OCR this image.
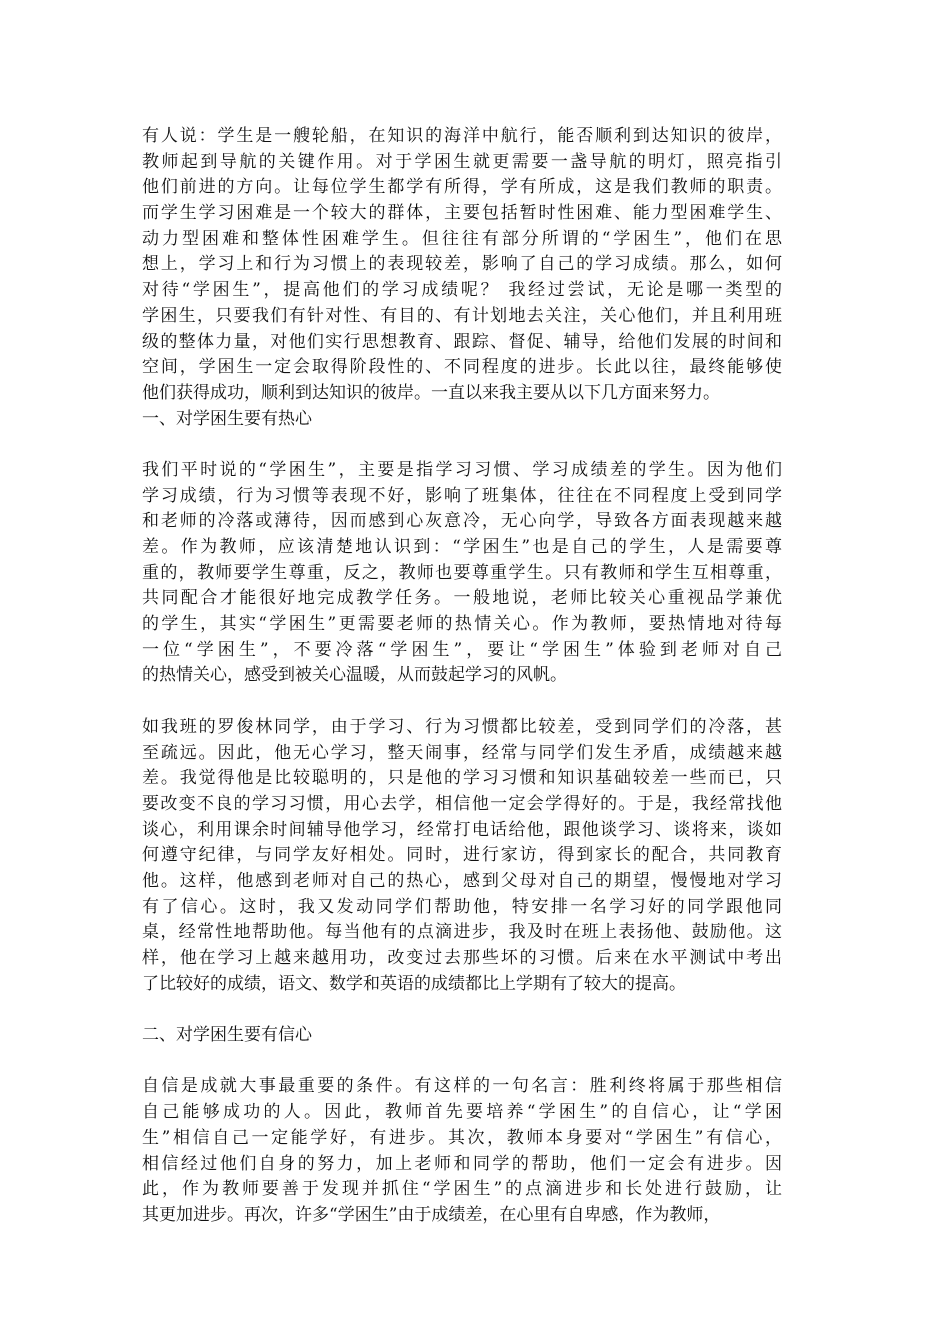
有人说：学生是一艘轮船，在知识的海洋中航行，能否顺利到达知识的彼岸，
教师起到导航的关键作用。对于学困生就更需要一盏导航的明灯，照亮指引
他们前进的方向。让每位学生都学有所得，学有所成，这是我们教师的职责。
而学生学习困难是一个较大的群体，主要包括暂时性困难、能力型困难学生、
动力型困难和整体性困难学生。但往往有部分所谓的“学困生”，他们在思
想上，学习上和行为习惯上的表现较差，影响了自己的学习成绩。那么，如何
对待“学困生”，提高他们的学习成绩呢？ 我经过尝试，无论是哪一类型的
学困生，只要我们有针对性、有目的、有计划地去关注，关心他们，并且利用班
级的整体力量，对他们实行思想教育、跟踪、督促、辅导，给他们发展的时间和
空间，学困生一定会取得阶段性的、不同程度的进步。长此以往，最终能够使
他们获得成功，顺利到达知识的彼岸。一直以来我主要从以下几方面来努力。
一、对学困生要有热心
我们平时说的“学困生”，主要是指学习习惯、学习成绩差的学生。因为他们
学习成绩，行为习惯等表现不好，影响了班集体，往往在不同程度上受到同学
和老师的冷落或薄待，因而感到心灰意冷，无心向学，导致各方面表现越来越
差。作为教师，应该清楚地认识到：“学困生”也是自己的学生，人是需要尊
重的，教师要学生尊重，反之，教师也要尊重学生。只有教师和学生互相尊重，
共同配合才能很好地完成教学任务。一般地说，老师比较关心重视品学兼优
的学生，其实“学困生”更需要老师的热情关心。作为教师，要热情地对待每
一位“学困生”，不要冷落“学困生”，要让“学困生”体验到老师对自己
的热情关心，感受到被关心温暖，从而鼓起学习的风帆。
如我班的罗俊林同学，由于学习、行为习惯都比较差，受到同学们的冷落，甚
至疏远。因此，他无心学习，整天闹事，经常与同学们发生矛盾，成绩越来越
差。我觉得他是比较聪明的，只是他的学习习惯和知识基础较差一些而已，只
要改变不良的学习习惯，用心去学，相信他一定会学得好的。于是，我经常找他
谈心，利用课余时间辅导他学习，经常打电话给他，跟他谈学习、谈将来，谈如
何遵守纪律，与同学友好相处。同时，进行家访，得到家长的配合，共同教育
他。这样，他感到老师对自己的热心，感到父母对自己的期望，慢慢地对学习
有了信心。这时，我又发动同学们帮助他，特安排一名学习好的同学跟他同
桌，经常性地帮助他。每当他有的点滴进步，我及时在班上表扬他、鼓励他。这
样，他在学习上越来越用功，改变过去那些坏的习惯。后来在水平测试中考出
了比较好的成绩，语文、数学和英语的成绩都比上学期有了较大的提高。
二、对学困生要有信心
自信是成就大事最重要的条件。有这样的一句名言：胜利终将属于那些相信
自己能够成功的人。因此，教师首先要培养“学困生”的自信心，让“学困
生”相信自己一定能学好，有进步。其次，教师本身要对“学困生”有信心，
相信经过他们自身的努力，加上老师和同学的帮助，他们一定会有进步。因
此，作为教师要善于发现并抓住“学困生”的点滴进步和长处进行鼓励，让
其更加进步。再次，许多“学困生”由于成绩差，在心里有自卑感，作为教师，
